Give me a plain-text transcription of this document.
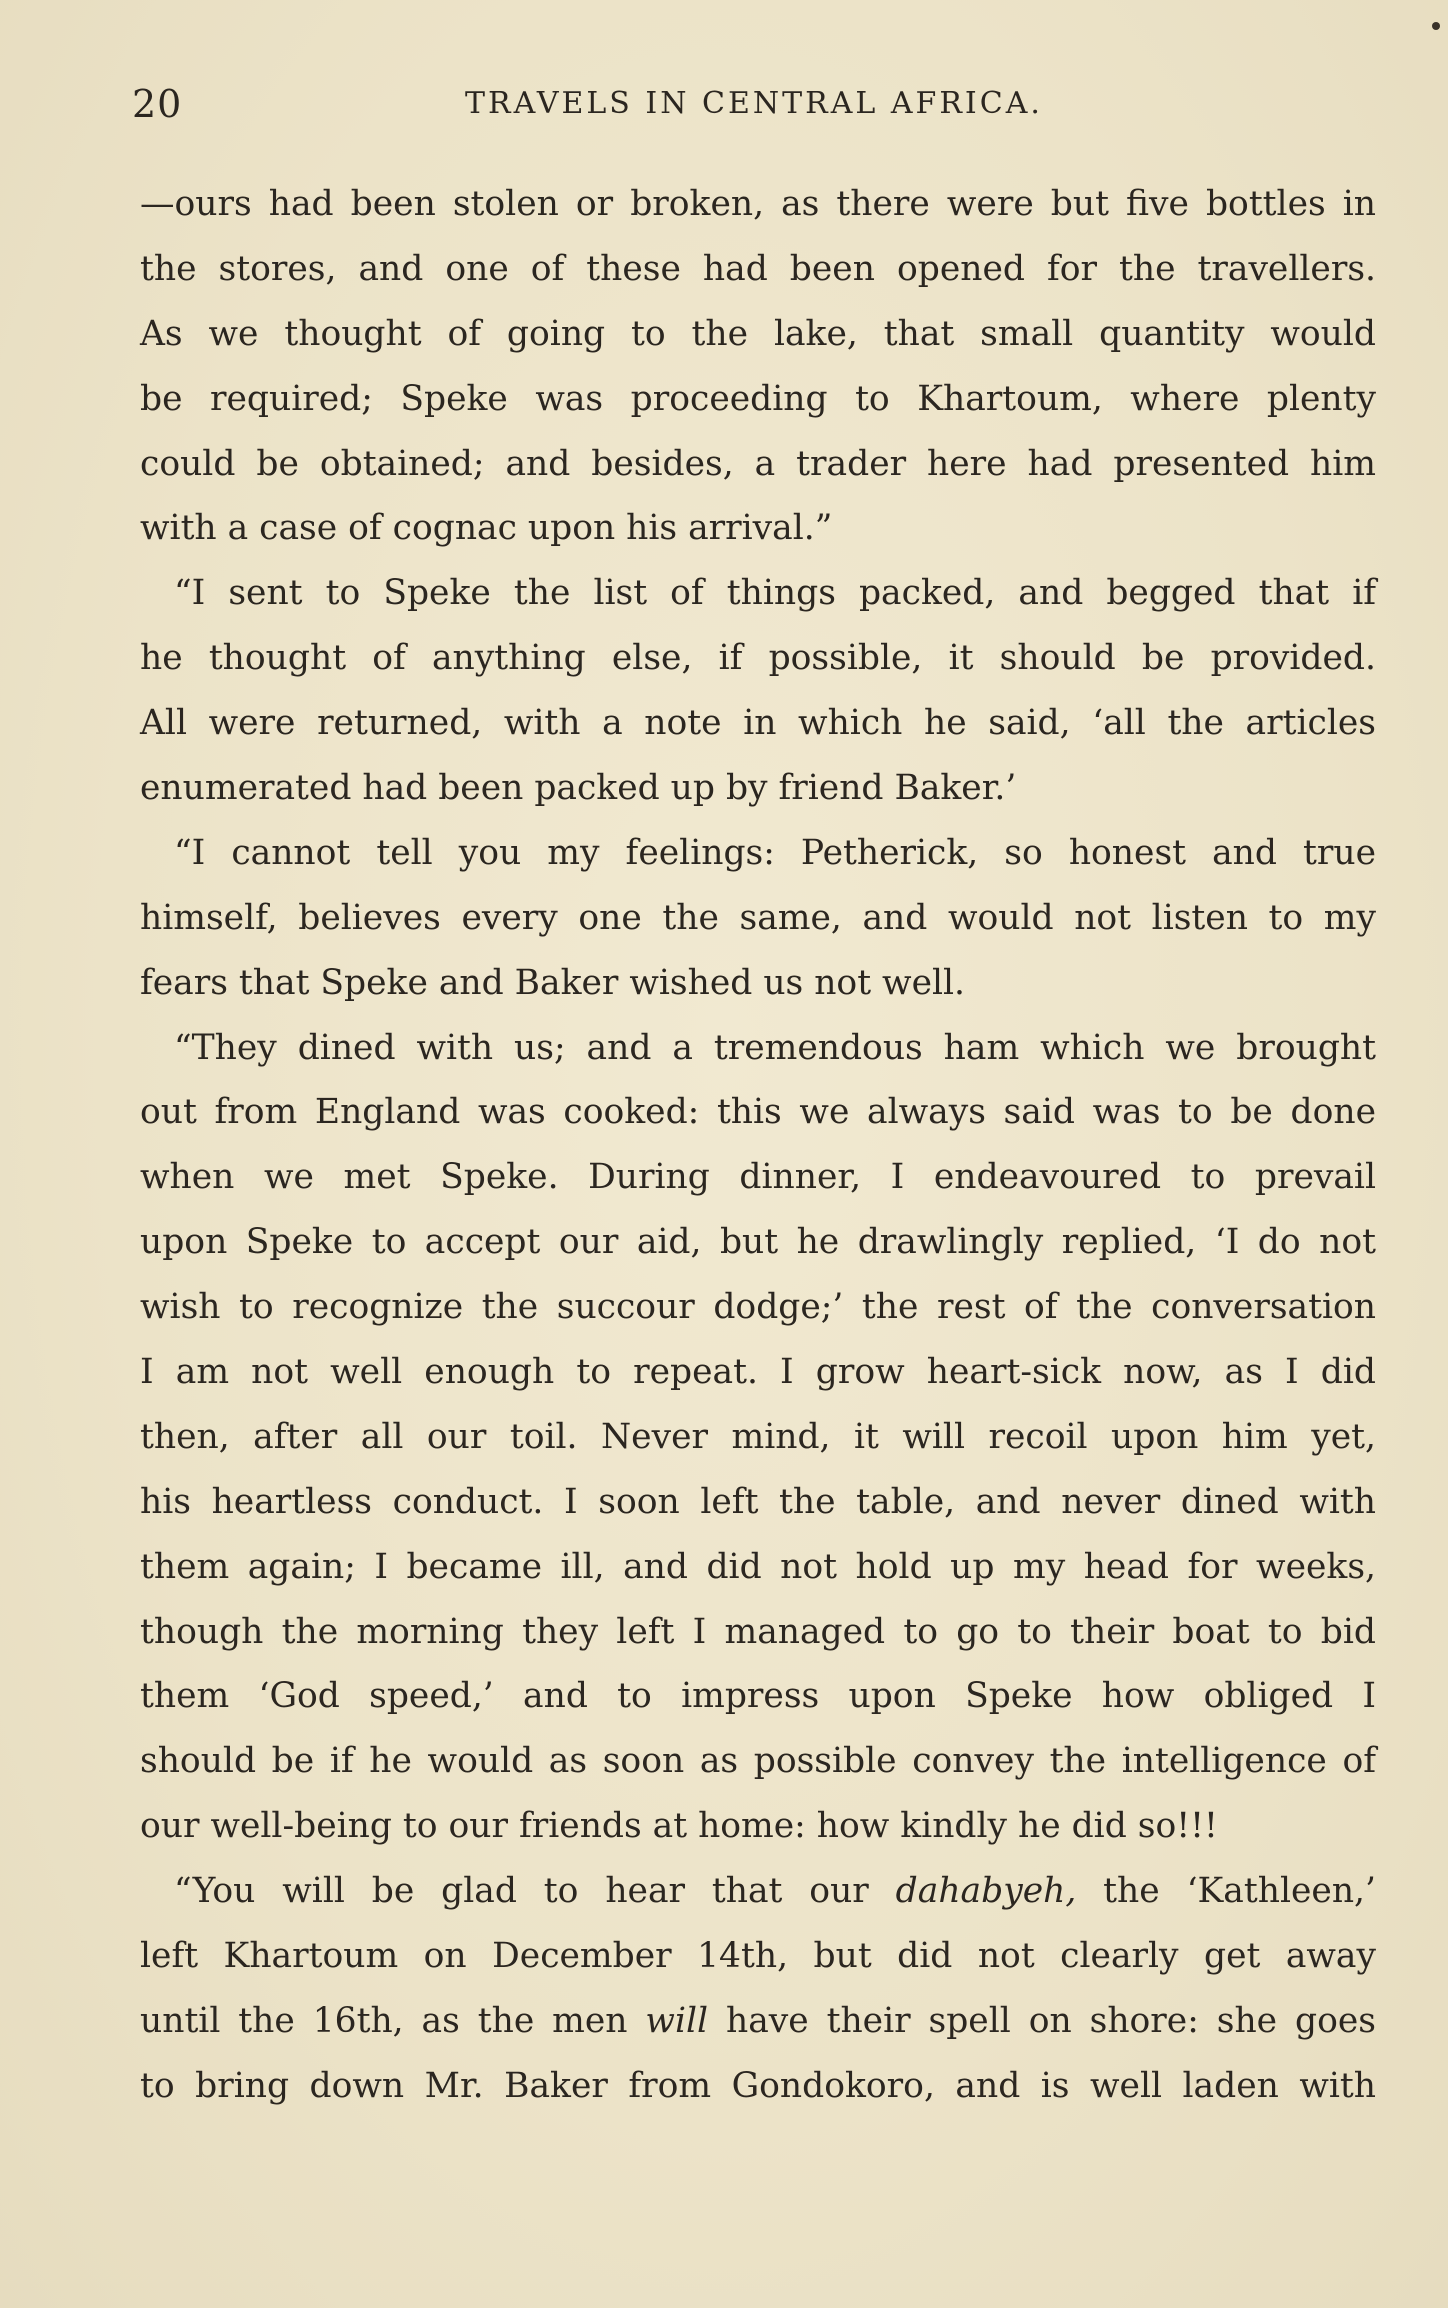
20	TRAVELS IN CENTRAL AFRICA.
—ours had been stolen or broken, as there were but five bottles in
the stores, and one of these had been opened for the travellers.
As we thought of going to the lake, that small quantity would
be required; Speke was proceeding to Khartoum, where plenty
could be obtained; and besides, a trader here had presented him
with a case of cognac upon his arrival.”
“I sent to Speke the list of things packed, and begged that if
he thought of anything else, if possible, it should be provided.
All were returned, with a note in which he said, ‘all the articles
enumerated had been packed up by friend Baker.’
“I cannot tell you my feelings: Petherick, so honest and true
himself, believes every one the same, and would not listen to my
fears that Speke and Baker wished us not well.
“They dined with us; and a tremendous ham which we brought
out from England was cooked: this we always said was to be done
when we met Speke. During dinner, I endeavoured to prevail
upon Speke to accept our aid, but he drawlingly replied, ‘I do not
wish to recognize the succour dodge;’ the rest of the conversation
I am not well enough to repeat. I grow heart-sick now, as I did
then, after all our toil. Never mind, it will recoil upon him yet,
his heartless conduct. I soon left the table, and never dined with
them again; I became ill, and did not hold up my head for weeks,
though the morning they left I managed to go to their boat to bid
them ‘God speed,’ and to impress upon Speke how obliged I
should be if he would as soon as possible convey the intelligence of
our well-being to our friends at home: how kindly he did so!!!
“You will be glad to hear that our dahabyeh, the ‘Kathleen,’
left Khartoum on December 14th, but did not clearly get away
until the 16th, as the men will have their spell on shore: she goes
to bring down Mr. Baker from Gondokoro, and is well laden with
